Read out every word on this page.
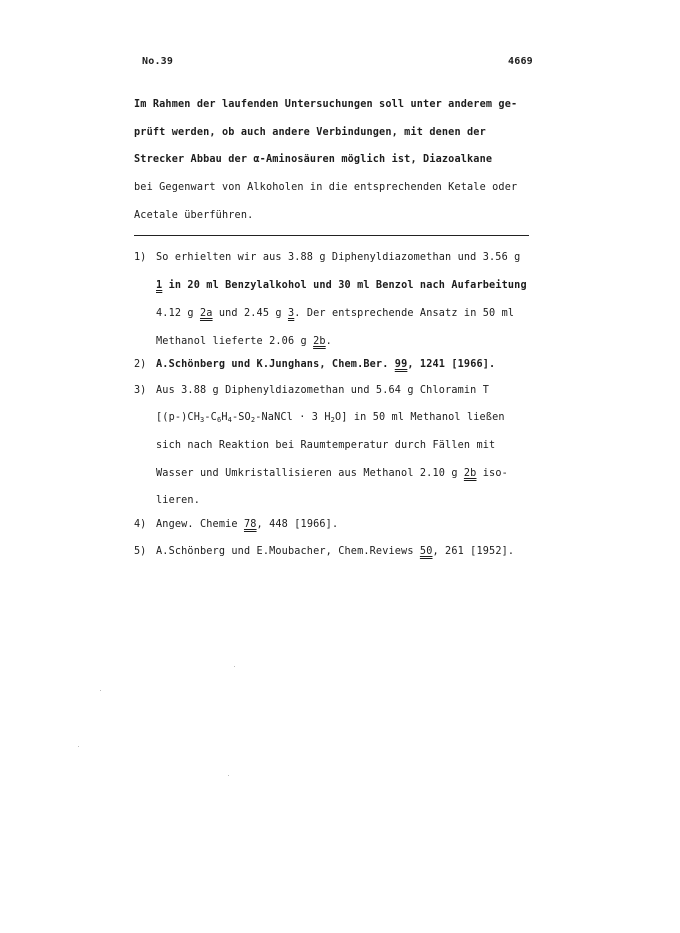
No.39	4669
Im Rahmen der laufenden Untersuchungen soll unter anderem ge-
prüft werden, ob auch andere Verbindungen, mit denen der
Strecker Abbau der α-Aminosäuren möglich ist, Diazoalkane
bei Gegenwart von Alkoholen in die entsprechenden Ketale oder
Acetale überführen.
1) So erhielten wir aus 3.88 g Diphenyldiazomethan und 3.56 g
1 in 20 ml Benzylalkohol und 30 ml Benzol nach Aufarbeitung
4.12 g 2a und 2.45 g 3. Der entsprechende Ansatz in 50 ml
Methanol lieferte 2.06 g 2b.
2) A.Schönberg und K.Junghans, Chem.Ber. 99, 1241 [1966].
3) Aus 3.88 g Diphenyldiazomethan und 5.64 g Chloramin T
[$(p-)CH_3-C_6H_4-SO_2$-NaNCl · 3 $H_2O$] in 50 ml Methanol ließen
sich nach Reaktion bei Raumtemperatur durch Fällen mit
Wasser und Umkristallisieren aus Methanol 2.10 g 2b iso-
lieren.
4) Angew. Chemie 78, 448 [1966].
5) A.Schönberg und E.Moubacher, Chem.Reviews 50, 261 [1952].
